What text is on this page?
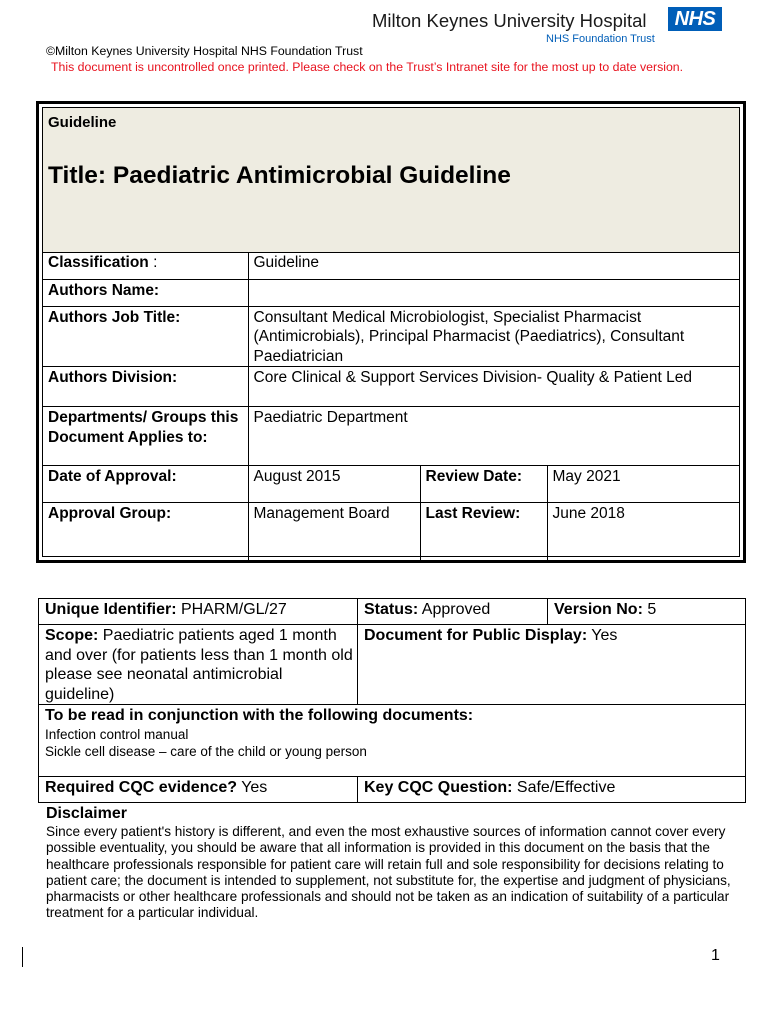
Milton Keynes University Hospital	NHS
NHS Foundation Trust
©Milton Keynes University Hospital NHS Foundation Trust
This document is uncontrolled once printed. Please check on the Trust’s Intranet site for the most up to date version.
Guideline
Title: Paediatric Antimicrobial Guideline
Classification :	Guideline		
Authors Name:			
Authors Job Title:	Consultant Medical Microbiologist, Specialist Pharmacist (Antimicrobials), Principal Pharmacist (Paediatrics), Consultant Paediatrician		
Authors Division:	Core Clinical & Support Services Division- Quality & Patient Led		
Departments/ Groups this Document Applies to:	Paediatric Department		
Date of Approval:	August 2015	Review Date:	May 2021
Approval Group:	Management Board	Last Review:	June 2018
Unique Identifier: PHARM/GL/27	Status: Approved	Version No: 5
Scope: Paediatric patients aged 1 month and over (for patients less than 1 month old please see neonatal antimicrobial guideline)	Document for Public Display: Yes	

To be read in conjunction with the following documents:
Infection control manual
Sickle cell disease – care of the child or young person		

Required CQC evidence? Yes	Key CQC Question: Safe/Effective	
Disclaimer
Since every patient's history is different, and even the most exhaustive sources of information cannot cover every possible eventuality, you should be aware that all information is provided in this document on the basis that the healthcare professionals responsible for patient care will retain full and sole responsibility for decisions relating to patient care; the document is intended to supplement, not substitute for, the expertise and judgment of physicians, pharmacists or other healthcare professionals and should not be taken as an indication of suitability of a particular treatment for a particular individual.
1
